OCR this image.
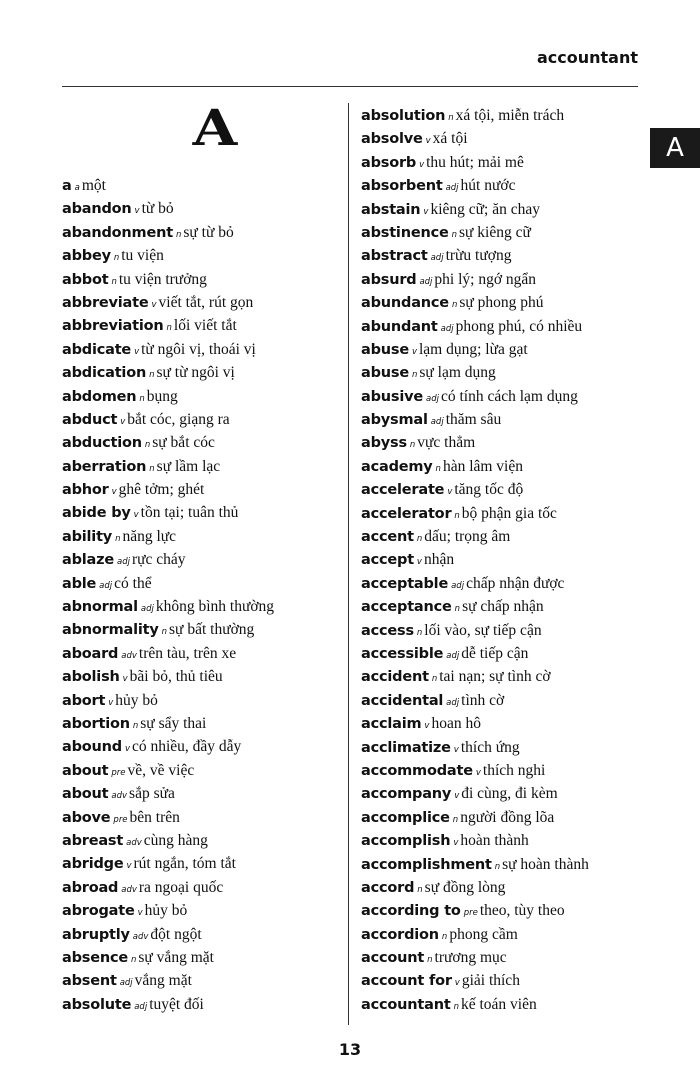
accountant
A
A
aa một
abandon v từ bỏ
abandonment n sự từ bỏ
abbey n tu viện
abbot n tu viện trưởng
abbreviate v viết tắt, rút gọn
abbreviation n lối viết tắt
abdicate v từ ngôi vị, thoái vị
abdication n sự từ ngôi vị
abdomen n bụng
abduct v bắt cóc, giạng ra
abduction n sự bắt cóc
aberration n sự lầm lạc
abhor v ghê tởm; ghét
abide by v tồn tại; tuân thủ
ability n năng lực
ablaze adj rực cháy
able adj có thể
abnormal adj không bình thường
abnormality n sự bất thường
aboard adv trên tàu, trên xe
abolish v bãi bỏ, thủ tiêu
abort v hủy bỏ
abortion n sự sẩy thai
abound v có nhiều, đầy dẫy
about pre về, về việc
about adv sắp sửa
above pre bên trên
abreast adv cùng hàng
abridge v rút ngắn, tóm tắt
abroad adv ra ngoại quốc
abrogate v hủy bỏ
abruptly adv đột ngột
absence n sự vắng mặt
absent adj vắng mặt
absolute adj tuyệt đối
absolution n xá tội, miễn trách
absolve v xá tội
absorb v thu hút; mải mê
absorbent adj hút nước
abstain v kiêng cữ; ăn chay
abstinence n sự kiêng cữ
abstract adj trừu tượng
absurd adj phi lý; ngớ ngẩn
abundance n sự phong phú
abundant adj phong phú, có nhiều
abuse v lạm dụng; lừa gạt
abuse n sự lạm dụng
abusive adj có tính cách lạm dụng
abysmal adj thăm sâu
abyss n vực thẳm
academy n hàn lâm viện
accelerate v tăng tốc độ
accelerator n bộ phận gia tốc
accent n dấu; trọng âm
accept v nhận
acceptable adj chấp nhận được
acceptance n sự chấp nhận
access n lối vào, sự tiếp cận
accessible adj dễ tiếp cận
accident n tai nạn; sự tình cờ
accidental adj tình cờ
acclaim v hoan hô
acclimatize v thích ứng
accommodate v thích nghi
accompany v đi cùng, đi kèm
accomplice n người đồng lõa
accomplish v hoàn thành
accomplishment n sự hoàn thành
accord n sự đồng lòng
according to pre theo, tùy theo
accordion n phong cầm
account n trương mục
account for v giải thích
accountant n kế toán viên
13
